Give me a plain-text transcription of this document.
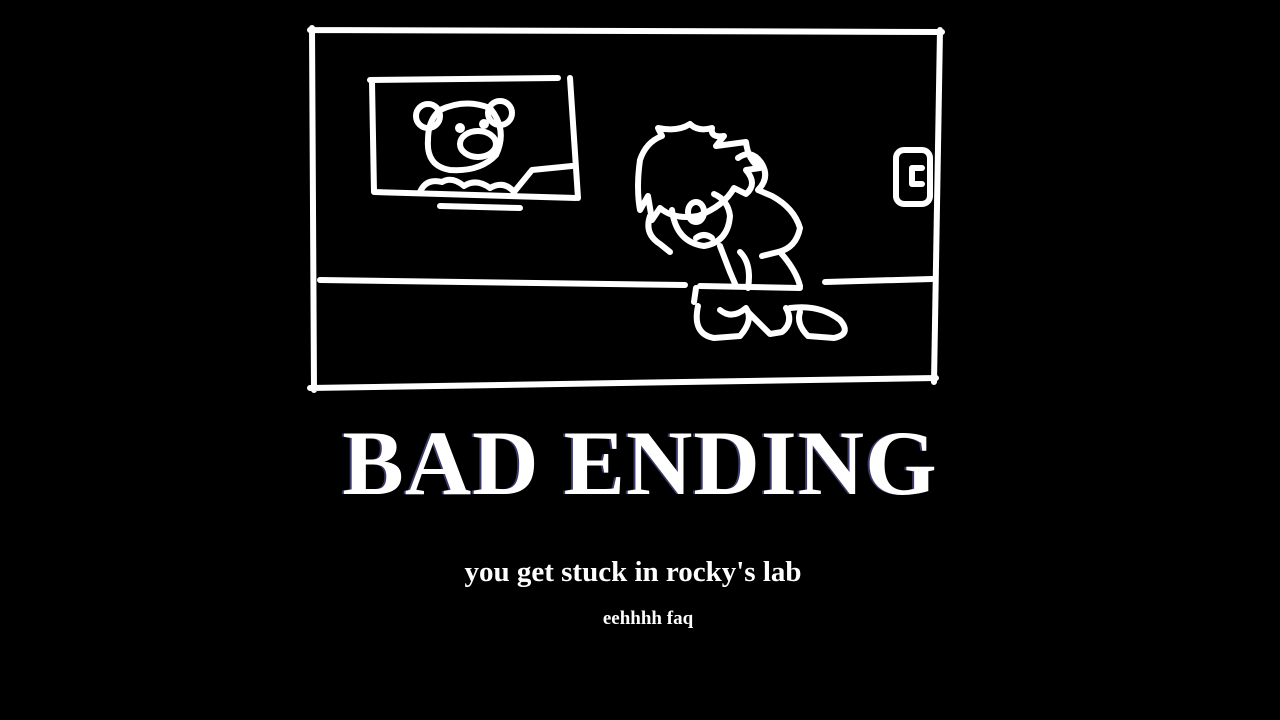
BAD ENDING

you get stuck in rocky's lab

eehhhh faq
